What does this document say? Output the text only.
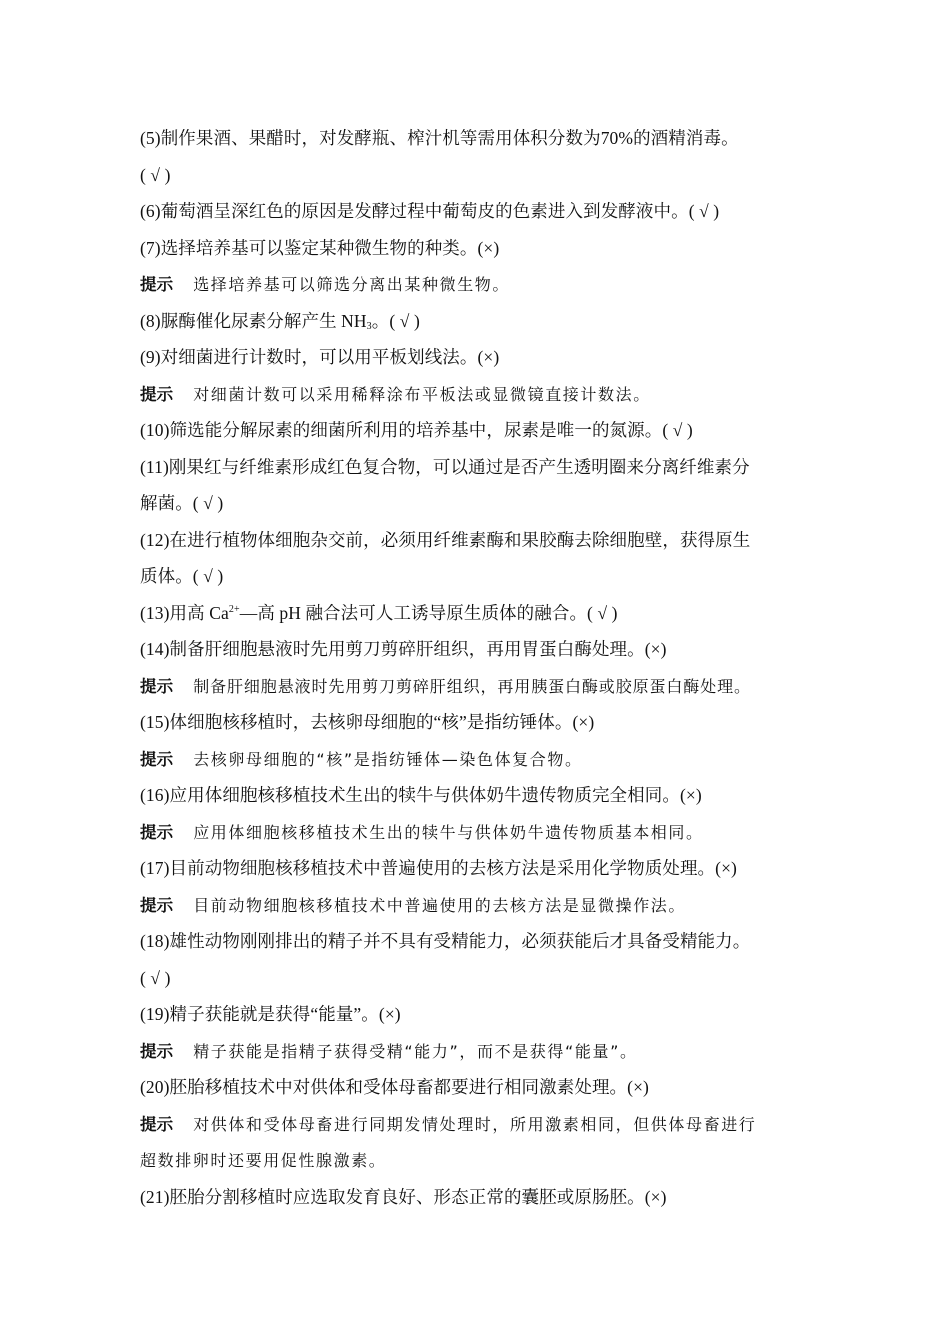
(5)制作果酒、果醋时，对发酵瓶、榨汁机等需用体积分数为70%的酒精消毒。
( √ )
(6)葡萄酒呈深红色的原因是发酵过程中葡萄皮的色素进入到发酵液中。( √ )
(7)选择培养基可以鉴定某种微生物的种类。(×)
提示 选择培养基可以筛选分离出某种微生物。
(8)脲酶催化尿素分解产生 $NH_3$。( √ )
(9)对细菌进行计数时，可以用平板划线法。(×)
提示 对细菌计数可以采用稀释涂布平板法或显微镜直接计数法。
(10)筛选能分解尿素的细菌所利用的培养基中，尿素是唯一的氮源。( √ )
(11)刚果红与纤维素形成红色复合物，可以通过是否产生透明圈来分离纤维素分
解菌。( √ )
(12)在进行植物体细胞杂交前，必须用纤维素酶和果胶酶去除细胞壁，获得原生
质体。( √ )
(13)用高 $Ca^{2+}—$高 pH 融合法可人工诱导原生质体的融合。( √ )
(14)制备肝细胞悬液时先用剪刀剪碎肝组织，再用胃蛋白酶处理。(×)
提示 制备肝细胞悬液时先用剪刀剪碎肝组织，再用胰蛋白酶或胶原蛋白酶处理。
(15)体细胞核移植时，去核卵母细胞的“核”是指纺锤体。(×)
提示 去核卵母细胞的“核”是指纺锤体—染色体复合物。
(16)应用体细胞核移植技术生出的犊牛与供体奶牛遗传物质完全相同。(×)
提示 应用体细胞核移植技术生出的犊牛与供体奶牛遗传物质基本相同。
(17)目前动物细胞核移植技术中普遍使用的去核方法是采用化学物质处理。(×)
提示 目前动物细胞核移植技术中普遍使用的去核方法是显微操作法。
(18)雄性动物刚刚排出的精子并不具有受精能力，必须获能后才具备受精能力。
( √ )
(19)精子获能就是获得“能量”。(×)
提示 精子获能是指精子获得受精“能力”，而不是获得“能量”。
(20)胚胎移植技术中对供体和受体母畜都要进行相同激素处理。(×)
提示 对供体和受体母畜进行同期发情处理时，所用激素相同，但供体母畜进行
超数排卵时还要用促性腺激素。
(21)胚胎分割移植时应选取发育良好、形态正常的囊胚或原肠胚。(×)
